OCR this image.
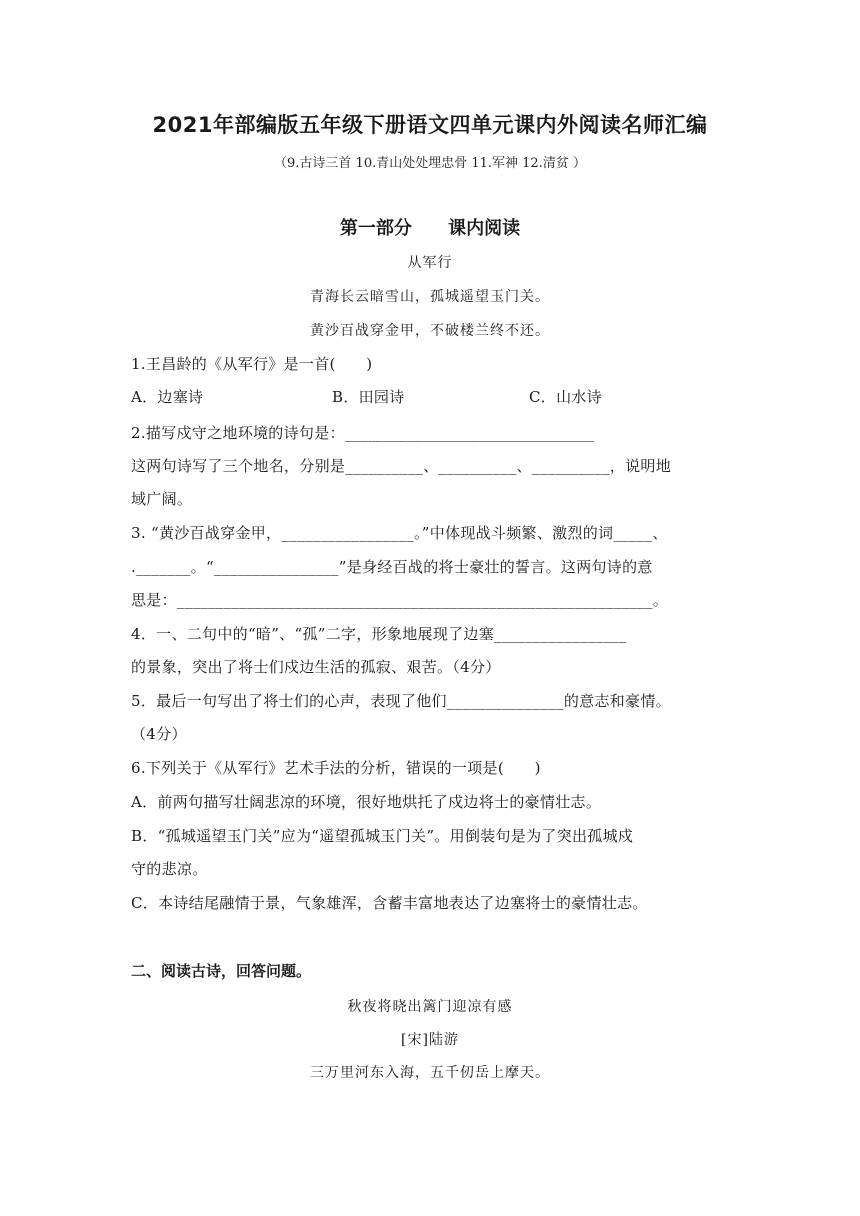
2021年部编版五年级下册语文四单元课内外阅读名师汇编
（9.古诗三首 10.青山处处埋忠骨 11.军神 12.清贫 ）
第一部分 课内阅读
从军行
青海长云暗雪山，孤城遥望玉门关。
黄沙百战穿金甲，不破楼兰终不还。
1.王昌龄的《从军行》是一首(　　)
A．边塞诗	B．田园诗	C．山水诗
2.描写戍守之地环境的诗句是：________________________________
这两句诗写了三个地名，分别是__________、__________、__________，说明地
域广阔。
3. “黄沙百战穿金甲，_________________。”中体现战斗频繁、激烈的词_____、
._______。“________________”是身经百战的将士豪壮的誓言。这两句诗的意
思是：_____________________________________________________________。
4．一、二句中的“暗”、“孤”二字，形象地展现了边塞_________________
的景象，突出了将士们戍边生活的孤寂、艰苦。（4分）
5．最后一句写出了将士们的心声，表现了他们_______________的意志和豪情。
（4分）
6.下列关于《从军行》艺术手法的分析，错误的一项是(　　)
A．前两句描写壮阔悲凉的环境，很好地烘托了戍边将士的豪情壮志。
B．“孤城遥望玉门关”应为“遥望孤城玉门关”。用倒装句是为了突出孤城戍
守的悲凉。
C．本诗结尾融情于景，气象雄浑，含蓄丰富地表达了边塞将士的豪情壮志。
二、阅读古诗，回答问题。
秋夜将晓出篱门迎凉有感
[宋]陆游
三万里河东入海，五千仞岳上摩天。
